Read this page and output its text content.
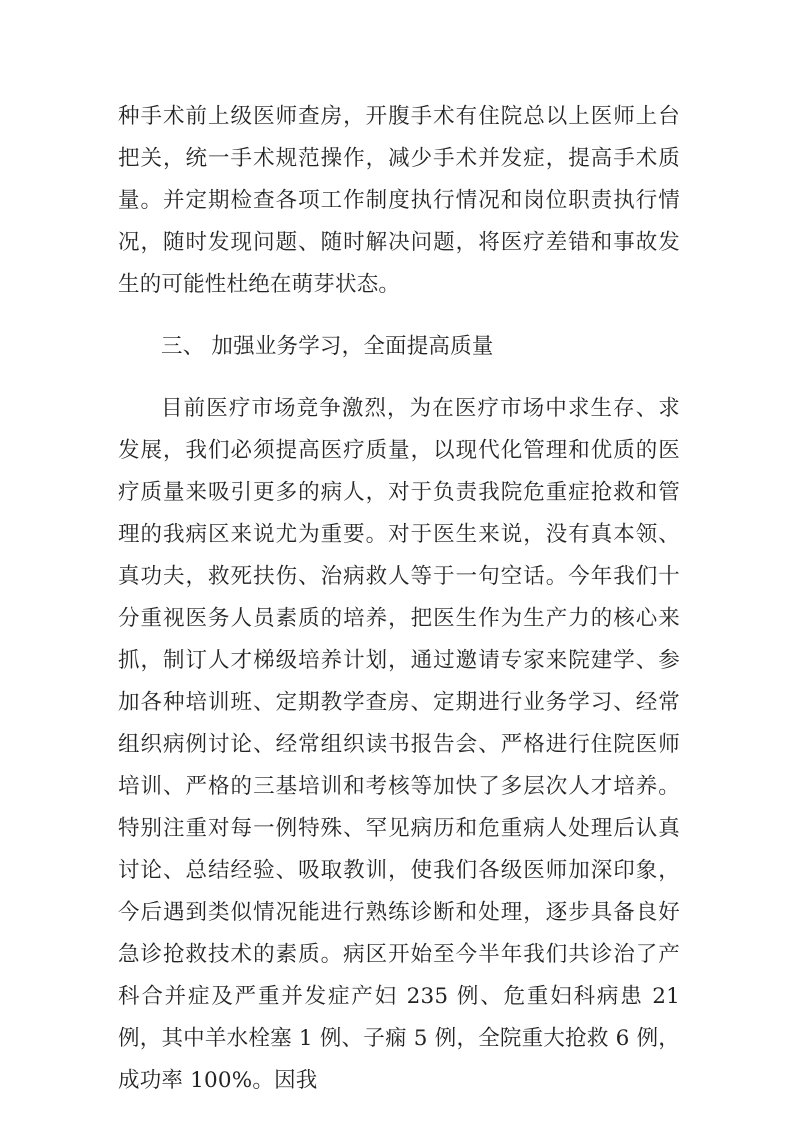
种手术前上级医师查房，开腹手术有住院总以上医师上台把关，统一手术规范操作，减少手术并发症，提高手术质量。并定期检查各项工作制度执行情况和岗位职责执行情况，随时发现问题、随时解决问题，将医疗差错和事故发生的可能性杜绝在萌芽状态。

三、 加强业务学习，全面提高质量

目前医疗市场竞争激烈，为在医疗市场中求生存、求发展，我们必须提高医疗质量，以现代化管理和优质的医疗质量来吸引更多的病人，对于负责我院危重症抢救和管理的我病区来说尤为重要。对于医生来说，没有真本领、真功夫，救死扶伤、治病救人等于一句空话。今年我们十分重视医务人员素质的培养，把医生作为生产力的核心来抓，制订人才梯级培养计划，通过邀请专家来院建学、参加各种培训班、定期教学查房、定期进行业务学习、经常组织病例讨论、经常组织读书报告会、严格进行住院医师培训、严格的三基培训和考核等加快了多层次人才培养。特别注重对每一例特殊、罕见病历和危重病人处理后认真讨论、总结经验、吸取教训，使我们各级医师加深印象，今后遇到类似情况能进行熟练诊断和处理，逐步具备良好急诊抢救技术的素质。病区开始至今半年我们共诊治了产科合并症及严重并发症产妇 235 例、危重妇科病患 21 例，其中羊水栓塞 1 例、子痫 5 例，全院重大抢救 6 例，成功率 100%。因我
